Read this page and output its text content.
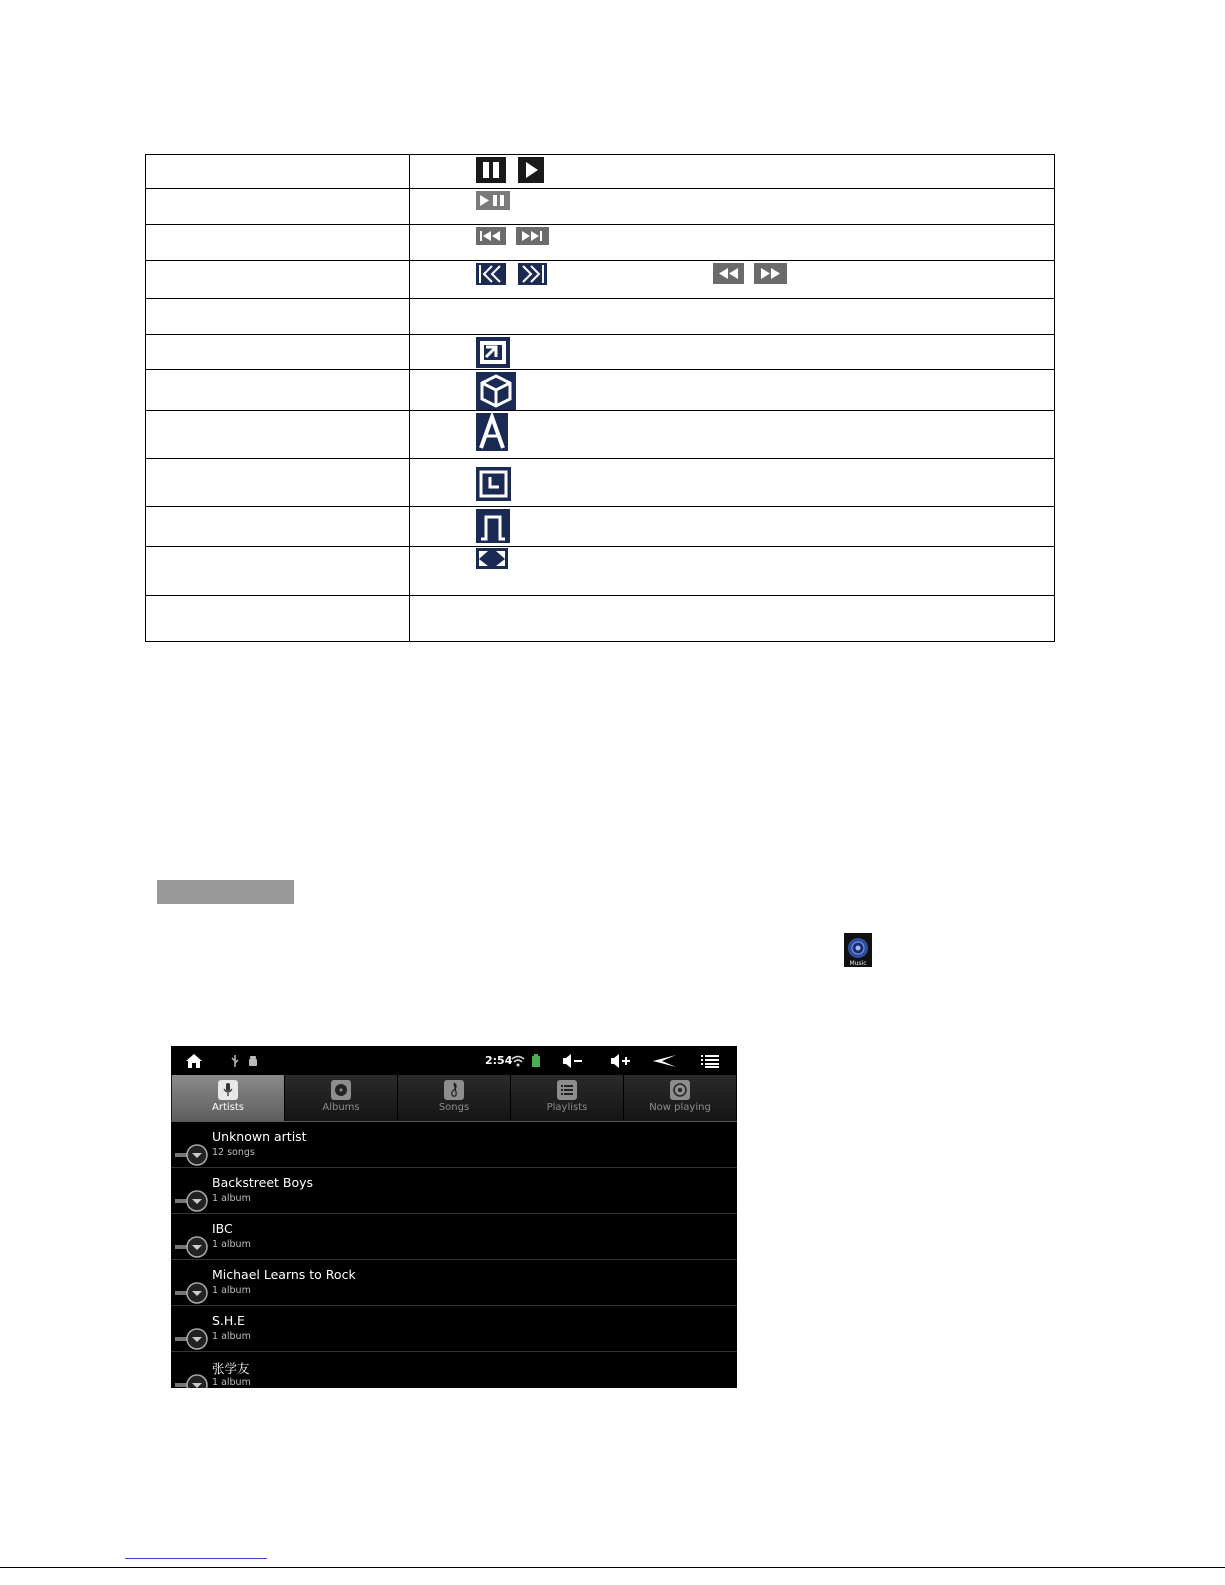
Music
2:54
Artists	Albums	Songs	Playlists	Now playing
Unknown artist
12 songs
Backstreet Boys
1 album
IBC
1 album
Michael Learns to Rock
1 album
S.H.E
1 album
张学友
1 album
